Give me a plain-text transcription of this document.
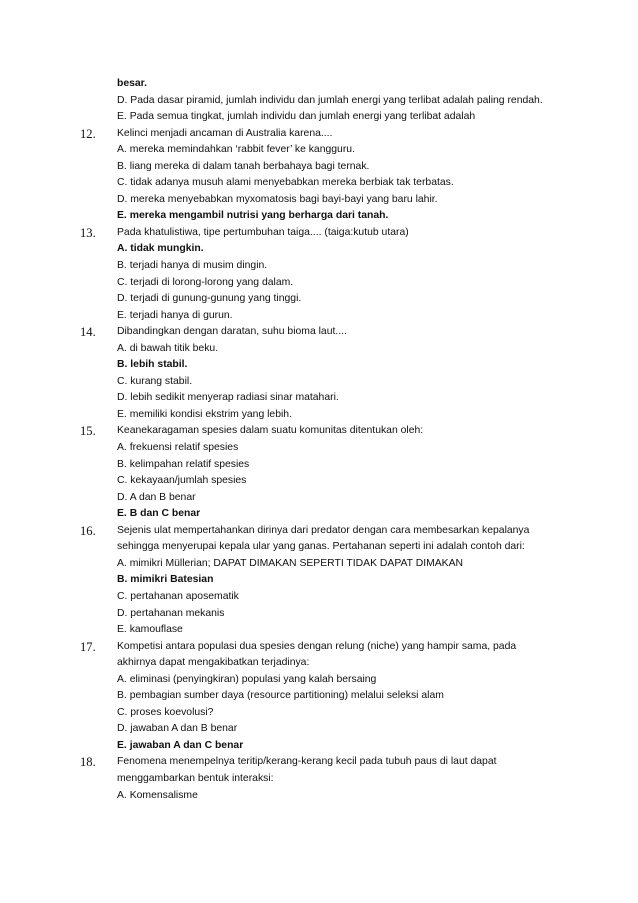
besar.
D. Pada dasar piramid, jumlah individu dan jumlah energi yang terlibat adalah paling rendah.
E. Pada semua tingkat, jumlah individu dan jumlah energi yang terlibat adalah
12. Kelinci menjadi ancaman di Australia karena....
A. mereka memindahkan ‘rabbit fever’ ke kangguru.
B. liang mereka di dalam tanah berbahaya bagi ternak.
C. tidak adanya musuh alami menyebabkan mereka berbiak tak terbatas.
D. mereka menyebabkan myxomatosis bagi bayi-bayi yang baru lahir.
E. mereka mengambil nutrisi yang berharga dari tanah.
13. Pada khatulistiwa, tipe pertumbuhan taiga.... (taiga:kutub utara)
A. tidak mungkin.
B. terjadi hanya di musim dingin.
C. terjadi di lorong-lorong yang dalam.
D. terjadi di gunung-gunung yang tinggi.
E. terjadi hanya di gurun.
14. Dibandingkan dengan daratan, suhu bioma laut....
A. di bawah titik beku.
B. lebih stabil.
C. kurang stabil.
D. lebih sedikit menyerap radiasi sinar matahari.
E. memiliki kondisi ekstrim yang lebih.
15. Keanekaragaman spesies dalam suatu komunitas ditentukan oleh:
A. frekuensi relatif spesies
B. kelimpahan relatif spesies
C. kekayaan/jumlah spesies
D. A dan B benar
E. B dan C benar
16. Sejenis ulat mempertahankan dirinya dari predator dengan cara membesarkan kepalanya
sehingga menyerupai kepala ular yang ganas. Pertahanan seperti ini adalah contoh dari:
A. mimikri Müllerian; DAPAT DIMAKAN SEPERTI TIDAK DAPAT DIMAKAN
B. mimikri Batesian
C. pertahanan aposematik
D. pertahanan mekanis
E. kamouflase
17. Kompetisi antara populasi dua spesies dengan relung (niche) yang hampir sama, pada
akhirnya dapat mengakibatkan terjadinya:
A. eliminasi (penyingkiran) populasi yang kalah bersaing
B. pembagian sumber daya (resource partitioning) melalui seleksi alam
C. proses koevolusi?
D. jawaban A dan B benar
E. jawaban A dan C benar
18. Fenomena menempelnya teritip/kerang-kerang kecil pada tubuh paus di laut dapat
menggambarkan bentuk interaksi:
A. Komensalisme
